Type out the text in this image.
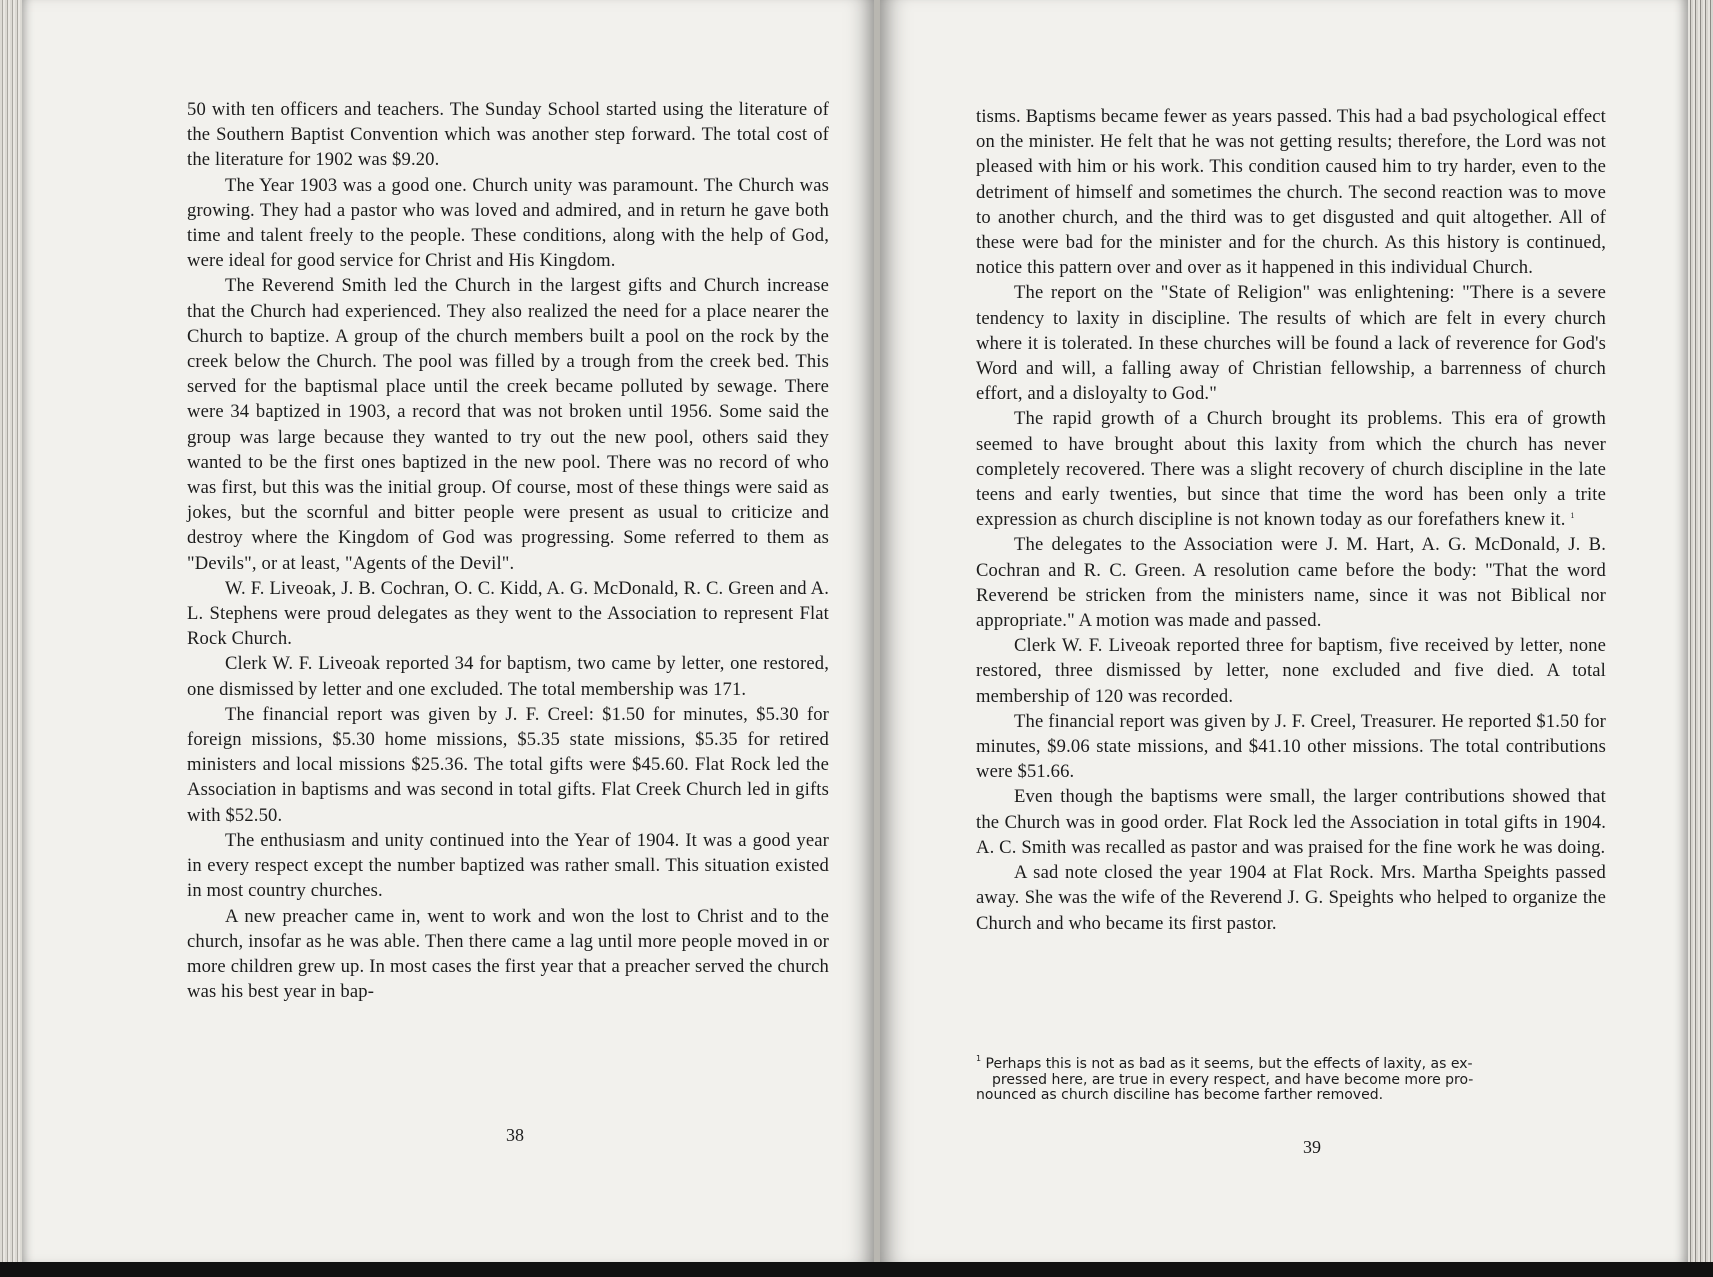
50 with ten officers and teachers. The Sunday School started using the literature of the Southern Baptist Convention which was another step forward. The total cost of the literature for 1902 was $9.20.

The Year 1903 was a good one. Church unity was paramount. The Church was growing. They had a pastor who was loved and admired, and in return he gave both time and talent freely to the people. These conditions, along with the help of God, were ideal for good service for Christ and His Kingdom.

The Reverend Smith led the Church in the largest gifts and Church increase that the Church had experienced. They also realized the need for a place nearer the Church to baptize. A group of the church members built a pool on the rock by the creek below the Church. The pool was filled by a trough from the creek bed. This served for the baptismal place until the creek became polluted by sewage. There were 34 baptized in 1903, a record that was not broken until 1956. Some said the group was large because they wanted to try out the new pool, others said they wanted to be the first ones baptized in the new pool. There was no record of who was first, but this was the initial group. Of course, most of these things were said as jokes, but the scornful and bitter people were present as usual to criticize and destroy where the Kingdom of God was progressing. Some referred to them as "Devils", or at least, "Agents of the Devil".

W. F. Liveoak, J. B. Cochran, O. C. Kidd, A. G. McDonald, R. C. Green and A. L. Stephens were proud delegates as they went to the Association to represent Flat Rock Church.

Clerk W. F. Liveoak reported 34 for baptism, two came by letter, one restored, one dismissed by letter and one excluded. The total membership was 171.

The financial report was given by J. F. Creel: $1.50 for minutes, $5.30 for foreign missions, $5.30 home missions, $5.35 state missions, $5.35 for retired ministers and local missions $25.36. The total gifts were $45.60. Flat Rock led the Association in baptisms and was second in total gifts. Flat Creek Church led in gifts with $52.50.

The enthusiasm and unity continued into the Year of 1904. It was a good year in every respect except the number baptized was rather small. This situation existed in most country churches.

A new preacher came in, went to work and won the lost to Christ and to the church, insofar as he was able. Then there came a lag until more people moved in or more children grew up. In most cases the first year that a preacher served the church was his best year in bap-

38

tisms. Baptisms became fewer as years passed. This had a bad psychological effect on the minister. He felt that he was not getting results; therefore, the Lord was not pleased with him or his work. This condition caused him to try harder, even to the detriment of himself and sometimes the church. The second reaction was to move to another church, and the third was to get disgusted and quit altogether. All of these were bad for the minister and for the church. As this history is continued, notice this pattern over and over as it happened in this individual Church.

The report on the "State of Religion" was enlightening: "There is a severe tendency to laxity in discipline. The results of which are felt in every church where it is tolerated. In these churches will be found a lack of reverence for God's Word and will, a falling away of Christian fellowship, a barrenness of church effort, and a disloyalty to God."

The rapid growth of a Church brought its problems. This era of growth seemed to have brought about this laxity from which the church has never completely recovered. There was a slight recovery of church discipline in the late teens and early twenties, but since that time the word has been only a trite expression as church discipline is not known today as our forefathers knew it. $^1$

The delegates to the Association were J. M. Hart, A. G. McDonald, J. B. Cochran and R. C. Green. A resolution came before the body: "That the word Reverend be stricken from the ministers name, since it was not Biblical nor appropriate." A motion was made and passed.

Clerk W. F. Liveoak reported three for baptism, five received by letter, none restored, three dismissed by letter, none excluded and five died. A total membership of 120 was recorded.

The financial report was given by J. F. Creel, Treasurer. He reported $1.50 for minutes, $9.06 state missions, and $41.10 other missions. The total contributions were $51.66.

Even though the baptisms were small, the larger contributions showed that the Church was in good order. Flat Rock led the Association in total gifts in 1904. A. C. Smith was recalled as pastor and was praised for the fine work he was doing.

A sad note closed the year 1904 at Flat Rock. Mrs. Martha Speights passed away. She was the wife of the Reverend J. G. Speights who helped to organize the Church and who became its first pastor.

$^1$ Perhaps this is not as bad as it seems, but the effects of laxity, as ex-

pressed here, are true in every respect, and have become more pro-

nounced as church disciline has become farther removed.

39
